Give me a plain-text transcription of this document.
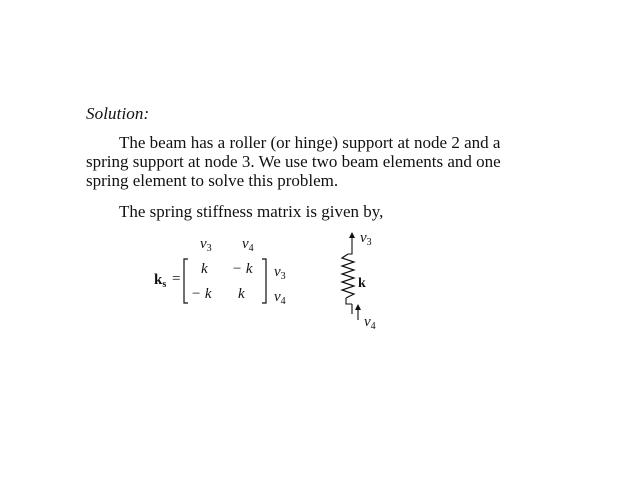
Solution:
The beam has a roller (or hinge) support at node 2 and a
spring support at node 3. We use two beam elements and one
spring element to solve this problem.
The spring stiffness matrix is given by,
$v_3$ $v_4$
$k_s$ =
k − k
− k k
$v_3$
$v_4$
$v_3$
k
$v_4$
